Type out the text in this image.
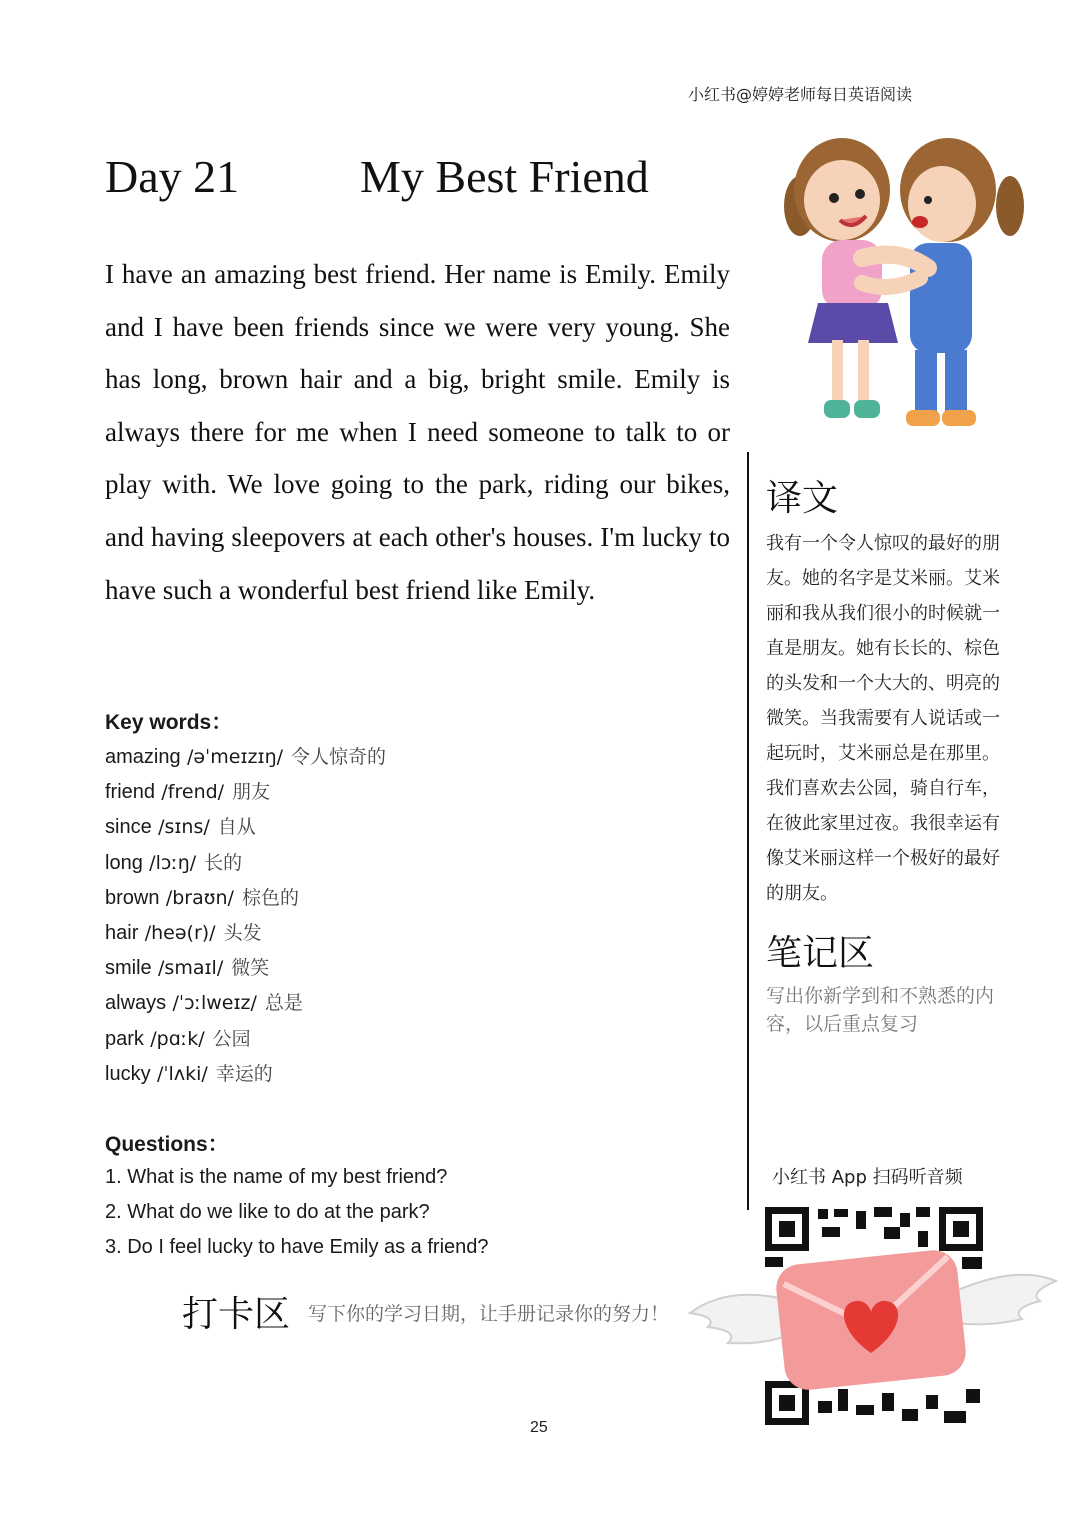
小红书@婷婷老师每日英语阅读
Day 21	My Best Friend

I have an amazing best friend. Her name is Emily. Emily and I have been friends since we were very young. She has long, brown hair and a big, bright smile. Emily is always there for me when I need someone to talk to or play with. We love going to the park, riding our bikes, and having sleepovers at each other's houses. I'm lucky to have such a wonderful best friend like Emily.

Key words：
amazing /əˈmeɪzɪŋ/ 令人惊奇的
friend /frend/ 朋友
since /sɪns/ 自从
long /lɔːŋ/ 长的
brown /braʊn/ 棕色的
hair /heə(r)/ 头发
smile /smaɪl/ 微笑
always /ˈɔːlweɪz/ 总是
park /pɑːk/ 公园
lucky /ˈlʌki/ 幸运的
Questions：
1. What is the name of my best friend?
2. What do we like to do at the park?
3. Do I feel lucky to have Emily as a friend?
打卡区 写下你的学习日期，让手册记录你的努力！
译文

我有一个令人惊叹的最好的朋友。她的名字是艾米丽。艾米丽和我从我们很小的时候就一直是朋友。她有长长的、棕色的头发和一个大大的、明亮的微笑。当我需要有人说话或一起玩时，艾米丽总是在那里。我们喜欢去公园，骑自行车，在彼此家里过夜。我很幸运有像艾米丽这样一个极好的最好的朋友。

笔记区

写出你新学到和不熟悉的内容，以后重点复习

小红书 App 扫码听音频
25
